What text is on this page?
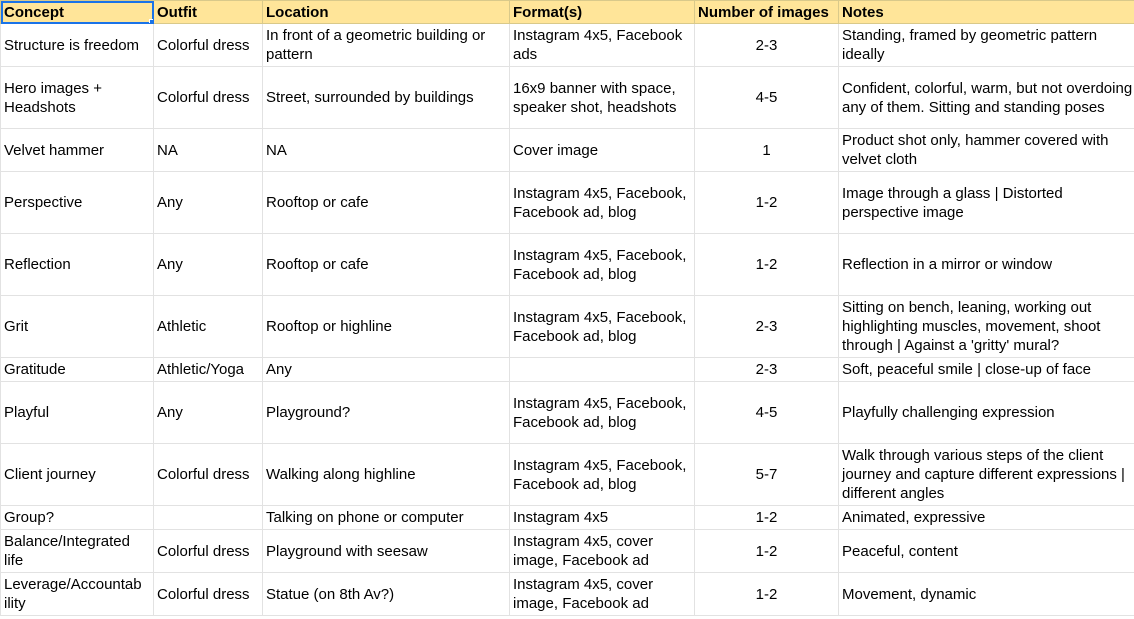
Concept	Outfit	Location	Format(s)	Number of images	Notes
Structure is freedom	Colorful dress	In front of a geometric building or pattern	Instagram 4x5, Facebook ads	2-3	Standing, framed by geometric pattern ideally
Hero images + Headshots	Colorful dress	Street, surrounded by buildings	16x9 banner with space, speaker shot, headshots	4-5	Confident, colorful, warm, but not overdoing any of them. Sitting and standing poses
Velvet hammer	NA	NA	Cover image	1	Product shot only, hammer covered with velvet cloth
Perspective	Any	Rooftop or cafe	Instagram 4x5, Facebook, Facebook ad, blog	1-2	Image through a glass | Distorted perspective image
Reflection	Any	Rooftop or cafe	Instagram 4x5, Facebook, Facebook ad, blog	1-2	Reflection in a mirror or window
Grit	Athletic	Rooftop or highline	Instagram 4x5, Facebook, Facebook ad, blog	2-3	Sitting on bench, leaning, working out highlighting muscles, movement, shoot through | Against a 'gritty' mural?
Gratitude	Athletic/Yoga	Any		2-3	Soft, peaceful smile | close-up of face
Playful	Any	Playground?	Instagram 4x5, Facebook, Facebook ad, blog	4-5	Playfully challenging expression
Client journey	Colorful dress	Walking along highline	Instagram 4x5, Facebook, Facebook ad, blog	5-7	Walk through various steps of the client journey and capture different expressions | different angles
Group?		Talking on phone or computer	Instagram 4x5	1-2	Animated, expressive
Balance/Integrated life	Colorful dress	Playground with seesaw	Instagram 4x5, cover image, Facebook ad	1-2	Peaceful, content
Leverage/Accountab ility	Colorful dress	Statue (on 8th Av?)	Instagram 4x5, cover image, Facebook ad	1-2	Movement, dynamic
